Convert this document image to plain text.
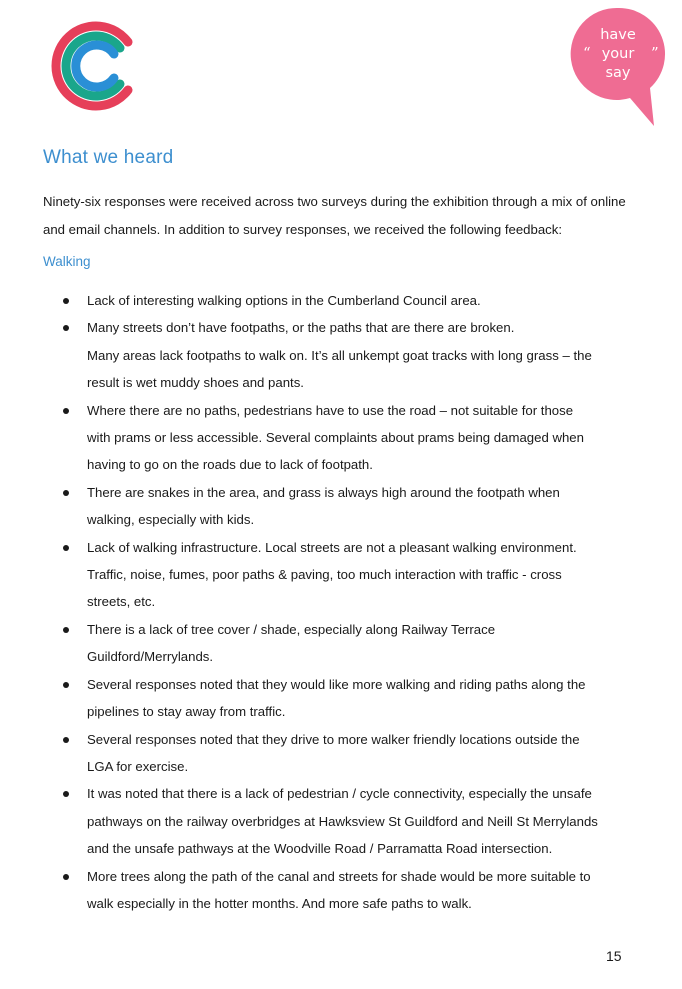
“	”
have
your
say
What we heard

Ninety-six responses were received across two surveys during the exhibition through a mix of online and email channels. In addition to survey responses, we received the following feedback:

Walking
Lack of interesting walking options in the Cumberland Council area.
Many streets don’t have footpaths, or the paths that are there are broken.
Many areas lack footpaths to walk on. It’s all unkempt goat tracks with long grass – the
result is wet muddy shoes and pants.
Where there are no paths, pedestrians have to use the road – not suitable for those
with prams or less accessible. Several complaints about prams being damaged when
having to go on the roads due to lack of footpath.
There are snakes in the area, and grass is always high around the footpath when
walking, especially with kids.
Lack of walking infrastructure. Local streets are not a pleasant walking environment.
Traffic, noise, fumes, poor paths & paving, too much interaction with traffic - cross
streets, etc.
There is a lack of tree cover / shade, especially along Railway Terrace
Guildford/Merrylands.
Several responses noted that they would like more walking and riding paths along the
pipelines to stay away from traffic.
Several responses noted that they drive to more walker friendly locations outside the
LGA for exercise.
It was noted that there is a lack of pedestrian / cycle connectivity, especially the unsafe
pathways on the railway overbridges at Hawksview St Guildford and Neill St Merrylands
and the unsafe pathways at the Woodville Road / Parramatta Road intersection.
More trees along the path of the canal and streets for shade would be more suitable to
walk especially in the hotter months. And more safe paths to walk.
15
